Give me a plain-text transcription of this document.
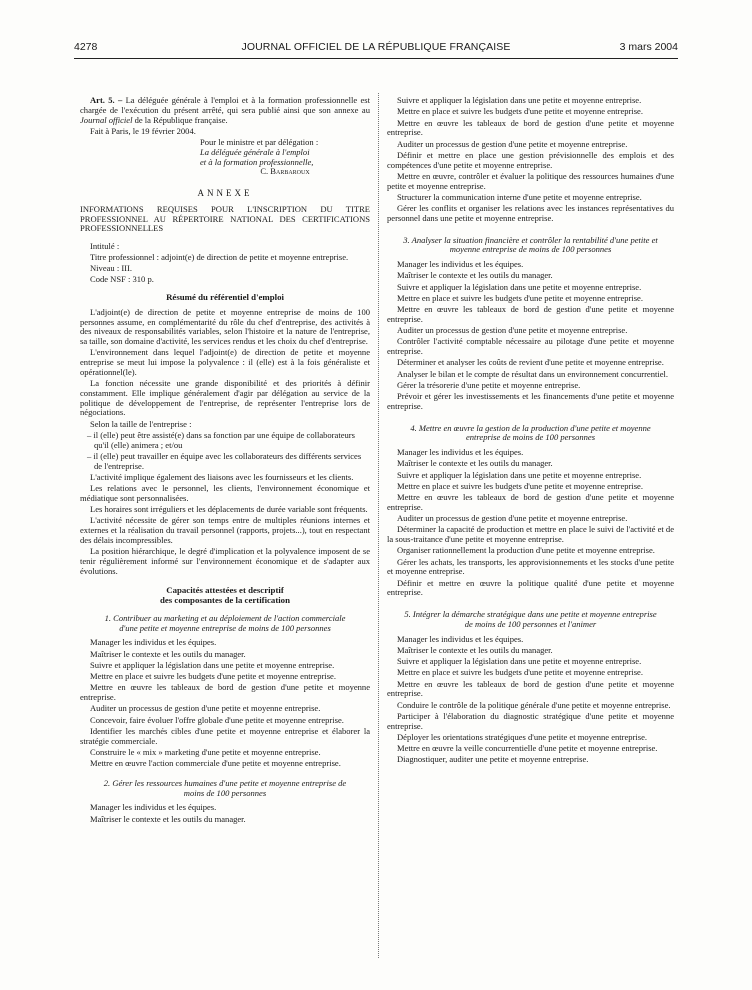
4278	JOURNAL OFFICIEL DE LA RÉPUBLIQUE FRANÇAISE	3 mars 2004

Art. 5. – La déléguée générale à l'emploi et à la formation professionnelle est chargée de l'exécution du présent arrêté, qui sera publié ainsi que son annexe au Journal officiel de la République française.

Fait à Paris, le 19 février 2004.

Pour le ministre et par délégation :

La déléguée générale à l'emploi

et à la formation professionnelle,

C. Barbaroux

ANNEXE

INFORMATIONS REQUISES POUR L'INSCRIPTION DU TITRE PROFESSIONNEL AU RÉPERTOIRE NATIONAL DES CERTIFICATIONS PROFESSIONNELLES

Intitulé :

Titre professionnel : adjoint(e) de direction de petite et moyenne entreprise.

Niveau : III.

Code NSF : 310 p.

Résumé du référentiel d'emploi

L'adjoint(e) de direction de petite et moyenne entreprise de moins de 100 personnes assume, en complémentarité du rôle du chef d'entreprise, des activités à des niveaux de responsabilités variables, selon l'histoire et la nature de l'entreprise, sa taille, son domaine d'activité, les services rendus et les choix du chef d'entreprise.

L'environnement dans lequel l'adjoint(e) de direction de petite et moyenne entreprise se meut lui impose la polyvalence : il (elle) est à la fois généraliste et opérationnel(le).

La fonction nécessite une grande disponibilité et des priorités à définir constamment. Elle implique généralement d'agir par délégation au service de la politique de développement de l'entreprise, de représenter l'entreprise lors de négociations.

Selon la taille de l'entreprise :

– il (elle) peut être assisté(e) dans sa fonction par une équipe de collaborateurs qu'il (elle) animera ; et/ou

– il (elle) peut travailler en équipe avec les collaborateurs des différents services de l'entreprise.

L'activité implique également des liaisons avec les fournisseurs et les clients.

Les relations avec le personnel, les clients, l'environnement économique et médiatique sont personnalisées.

Les horaires sont irréguliers et les déplacements de durée variable sont fréquents.

L'activité nécessite de gérer son temps entre de multiples réunions internes et externes et la réalisation du travail personnel (rapports, projets...), tout en respectant des délais incompressibles.

La position hiérarchique, le degré d'implication et la polyvalence imposent de se tenir régulièrement informé sur l'environnement économique et de s'adapter aux évolutions.

Capacités attestées et descriptif
des composantes de la certification
1. Contribuer au marketing et au déploiement de l'action commerciale d'une petite et moyenne entreprise de moins de 100 personnes

Manager les individus et les équipes.

Maîtriser le contexte et les outils du manager.

Suivre et appliquer la législation dans une petite et moyenne entreprise.

Mettre en place et suivre les budgets d'une petite et moyenne entreprise.

Mettre en œuvre les tableaux de bord de gestion d'une petite et moyenne entreprise.

Auditer un processus de gestion d'une petite et moyenne entreprise.

Concevoir, faire évoluer l'offre globale d'une petite et moyenne entreprise.

Identifier les marchés cibles d'une petite et moyenne entreprise et élaborer la stratégie commerciale.

Construire le « mix » marketing d'une petite et moyenne entreprise.

Mettre en œuvre l'action commerciale d'une petite et moyenne entreprise.

2. Gérer les ressources humaines d'une petite et moyenne entreprise de moins de 100 personnes

Manager les individus et les équipes.

Maîtriser le contexte et les outils du manager.

Suivre et appliquer la législation dans une petite et moyenne entreprise.

Mettre en place et suivre les budgets d'une petite et moyenne entreprise.

Mettre en œuvre les tableaux de bord de gestion d'une petite et moyenne entreprise.

Auditer un processus de gestion d'une petite et moyenne entreprise.

Définir et mettre en place une gestion prévisionnelle des emplois et des compétences d'une petite et moyenne entreprise.

Mettre en œuvre, contrôler et évaluer la politique des ressources humaines d'une petite et moyenne entreprise.

Structurer la communication interne d'une petite et moyenne entreprise.

Gérer les conflits et organiser les relations avec les instances représentatives du personnel dans une petite et moyenne entreprise.

3. Analyser la situation financière et contrôler la rentabilité d'une petite et moyenne entreprise de moins de 100 personnes

Manager les individus et les équipes.

Maîtriser le contexte et les outils du manager.

Suivre et appliquer la législation dans une petite et moyenne entreprise.

Mettre en place et suivre les budgets d'une petite et moyenne entreprise.

Mettre en œuvre les tableaux de bord de gestion d'une petite et moyenne entreprise.

Auditer un processus de gestion d'une petite et moyenne entreprise.

Contrôler l'activité comptable nécessaire au pilotage d'une petite et moyenne entreprise.

Déterminer et analyser les coûts de revient d'une petite et moyenne entreprise.

Analyser le bilan et le compte de résultat dans un environnement concurrentiel.

Gérer la trésorerie d'une petite et moyenne entreprise.

Prévoir et gérer les investissements et les financements d'une petite et moyenne entreprise.

4. Mettre en œuvre la gestion de la production d'une petite et moyenne entreprise de moins de 100 personnes

Manager les individus et les équipes.

Maîtriser le contexte et les outils du manager.

Suivre et appliquer la législation dans une petite et moyenne entreprise.

Mettre en place et suivre les budgets d'une petite et moyenne entreprise.

Mettre en œuvre les tableaux de bord de gestion d'une petite et moyenne entreprise.

Auditer un processus de gestion d'une petite et moyenne entreprise.

Déterminer la capacité de production et mettre en place le suivi de l'activité et de la sous-traitance d'une petite et moyenne entreprise.

Organiser rationnellement la production d'une petite et moyenne entreprise.

Gérer les achats, les transports, les approvisionnements et les stocks d'une petite et moyenne entreprise.

Définir et mettre en œuvre la politique qualité d'une petite et moyenne entreprise.

5. Intégrer la démarche stratégique dans une petite et moyenne entreprise de moins de 100 personnes et l'animer

Manager les individus et les équipes.

Maîtriser le contexte et les outils du manager.

Suivre et appliquer la législation dans une petite et moyenne entreprise.

Mettre en place et suivre les budgets d'une petite et moyenne entreprise.

Mettre en œuvre les tableaux de bord de gestion d'une petite et moyenne entreprise.

Conduire le contrôle de la politique générale d'une petite et moyenne entreprise.

Participer à l'élaboration du diagnostic stratégique d'une petite et moyenne entreprise.

Déployer les orientations stratégiques d'une petite et moyenne entreprise.

Mettre en œuvre la veille concurrentielle d'une petite et moyenne entreprise.

Diagnostiquer, auditer une petite et moyenne entreprise.
